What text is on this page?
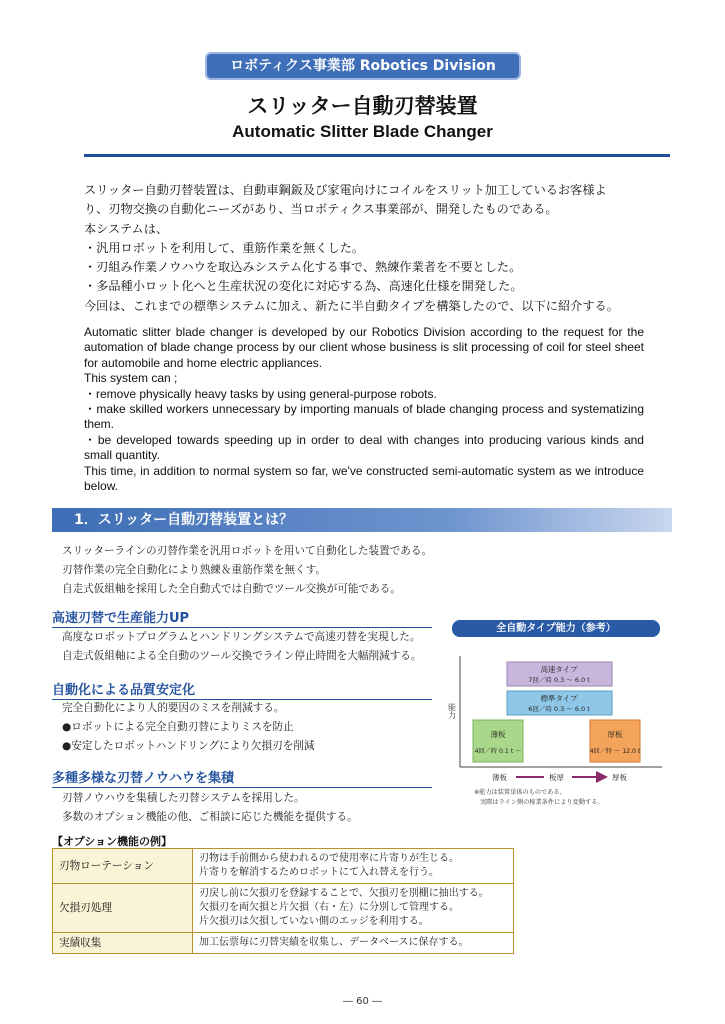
ロボティクス事業部 Robotics Division
スリッター自動刃替装置
Automatic Slitter Blade Changer

スリッター自動刃替装置は、自動車鋼鈑及び家電向けにコイルをスリット加工しているお客様よ

り、刃物交換の自動化ニーズがあり、当ロボティクス事業部が、開発したものである。

本システムは、

・汎用ロボットを利用して、重筋作業を無くした。

・刃組み作業ノウハウを取込みシステム化する事で、熟練作業者を不要とした。

・多品種小ロット化へと生産状況の変化に対応する為、高速化仕様を開発した。

今回は、これまでの標準システムに加え、新たに半自動タイプを構築したので、以下に紹介する。

Automatic slitter blade changer is developed by our Robotics Division according to the request for the automation of blade change process by our client whose business is slit processing of coil for steel sheet for automobile and home electric appliances.

This system can ;

・remove physically heavy tasks by using general-purpose robots.

・make skilled workers unnecessary by importing manuals of blade changing process and systematizing them.

・be developed towards speeding up in order to deal with changes into producing various kinds and small quantity.

This time, in addition to normal system so far, we've constructed semi-automatic system as we introduce below.

1．スリッター自動刃替装置とは？

スリッターラインの刃替作業を汎用ロボットを用いて自動化した装置である。

刃替作業の完全自動化により熟練＆重筋作業を無くす。

自走式仮組軸を採用した全自動式では自動でツール交換が可能である。

高速刃替で生産能力UP

高度なロボットプログラムとハンドリングシステムで高速刃替を実現した。

自走式仮組軸による全自動のツール交換でライン停止時間を大幅削減する。

自動化による品質安定化

完全自動化により人的要因のミスを削減する。

●ロボットによる完全自動刃替によりミスを防止

●安定したロボットハンドリングにより欠損刃を削減

多種多様な刃替ノウハウを集積

刃替ノウハウを集積した刃替システムを採用した。

多数のオプション機能の他、ご相談に応じた機能を提供する。

全自動タイプ能力（参考）
能力
高速タイプ
7回／時 0.3 ～ 6.0 t
標準タイプ
6回／時 0.3 ～ 6.0 t
薄板
4回／時 0.1 t ～
厚板
4回／時 ～ 12.0 t
薄板	板厚	厚板
※能力は装置単体のものである。
実際はライン側の稼業条件により変動する。
【オプション機能の例】
刃物ローテーション	刃物は手前側から使われるので使用率に片寄りが生じる。
片寄りを解消するためロボットにて入れ替えを行う。

欠損刃処理	刃戻し前に欠損刃を登録することで、欠損刃を別棚に抽出する。
欠損刃を両欠損と片欠損（右・左）に分別して管理する。
片欠損刃は欠損していない側のエッジを利用する。

実績収集	加工伝票毎に刃替実績を収集し、データベースに保存する。
― 60 ―
